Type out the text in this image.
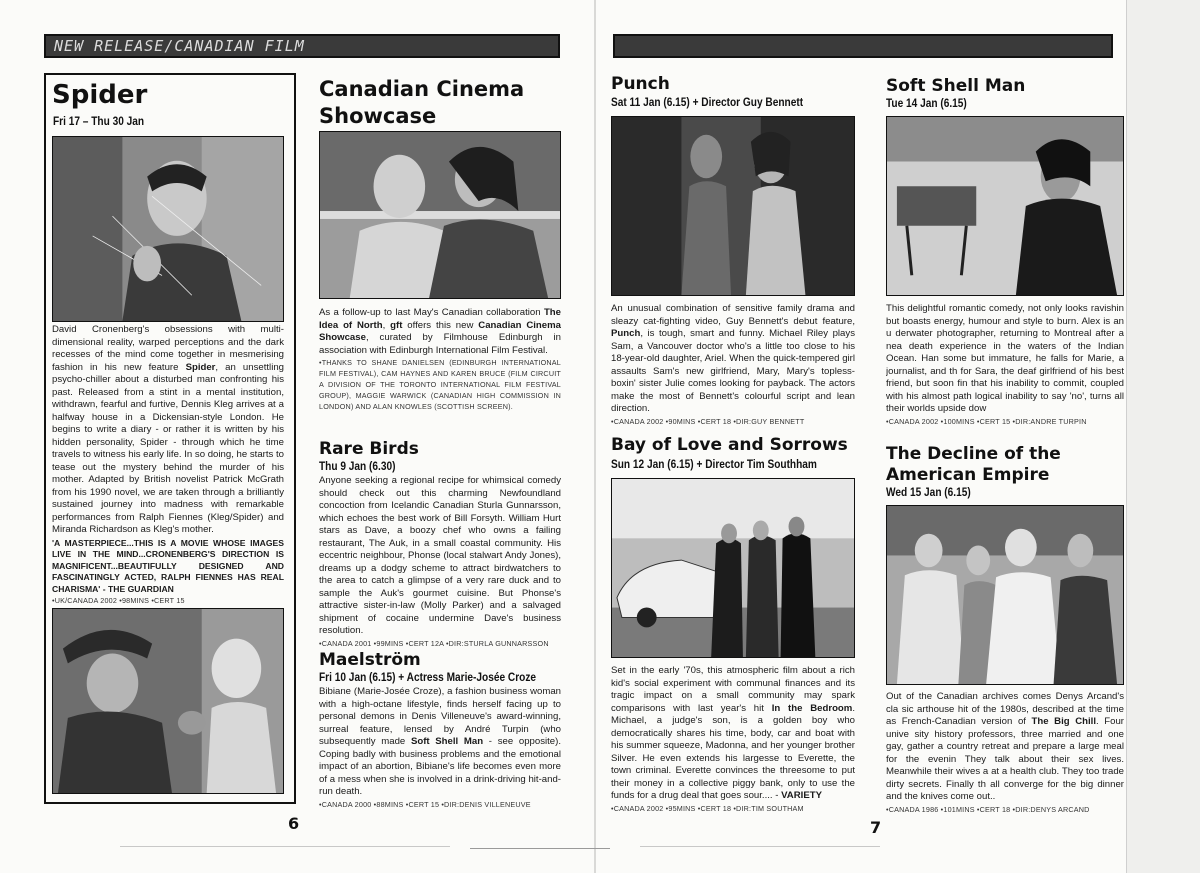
NEW RELEASE/CANADIAN FILM
Spider
Fri 17 – Thu 30 Jan
David Cronenberg's obsessions with multi-dimensional reality, warped perceptions and the dark recesses of the mind come together in mesmerising fashion in his new feature Spider, an unsettling psycho-chiller about a disturbed man confronting his past. Released from a stint in a mental institution, withdrawn, fearful and furtive, Dennis Kleg arrives at a halfway house in a Dickensian-style London. He begins to write a diary - or rather it is written by his hidden personality, Spider - through which he time travels to witness his early life. In so doing, he starts to tease out the mystery behind the murder of his mother. Adapted by British novelist Patrick McGrath from his 1990 novel, we are taken through a brilliantly sustained journey into madness with remarkable performances from Ralph Fiennes (Kleg/Spider) and Miranda Richardson as Kleg's mother.
'A MASTERPIECE...THIS IS A MOVIE WHOSE IMAGES LIVE IN THE MIND...CRONENBERG'S DIRECTION IS MAGNIFICENT...BEAUTIFULLY DESIGNED AND FASCINATINGLY ACTED, RALPH FIENNES HAS REAL CHARISMA' - THE GUARDIAN
•UK/CANADA 2002 •98MINS •CERT 15
6
Canadian Cinema
Showcase
As a follow-up to last May's Canadian collaboration The Idea of North, gft offers this new Canadian Cinema Showcase, curated by Filmhouse Edinburgh in association with Edinburgh International Film Festival.
•THANKS TO SHANE DANIELSEN (EDINBURGH INTERNATIONAL FILM FESTIVAL), CAM HAYNES AND KAREN BRUCE (FILM CIRCUIT A DIVISION OF THE TORONTO INTERNATIONAL FILM FESTIVAL GROUP), MAGGIE WARWICK (CANADIAN HIGH COMMISSION IN LONDON) AND ALAN KNOWLES (SCOTTISH SCREEN).
Rare Birds
Thu 9 Jan (6.30)
Anyone seeking a regional recipe for whimsical comedy should check out this charming Newfoundland concoction from Icelandic Canadian Sturla Gunnarsson, which echoes the best work of Bill Forsyth. William Hurt stars as Dave, a boozy chef who owns a failing restaurant, The Auk, in a small coastal community. His eccentric neighbour, Phonse (local stalwart Andy Jones), dreams up a dodgy scheme to attract birdwatchers to the area to catch a glimpse of a very rare duck and to sample the Auk's gourmet cuisine. But Phonse's attractive sister-in-law (Molly Parker) and a salvaged shipment of cocaine undermine Dave's business resolution.
•CANADA 2001 •99MINS •CERT 12A •DIR:STURLA GUNNARSSON
Maelström
Fri 10 Jan (6.15) + Actress Marie-Josée Croze
Bibiane (Marie-Josée Croze), a fashion business woman with a high-octane lifestyle, finds herself facing up to personal demons in Denis Villeneuve's award-winning, surreal feature, lensed by André Turpin (who subsequently made Soft Shell Man - see opposite). Coping badly with business problems and the emotional impact of an abortion, Bibiane's life becomes even more of a mess when she is involved in a drink-driving hit-and-run death.
•CANADA 2000 •88MINS •CERT 15 •DIR:DENIS VILLENEUVE
Punch
Sat 11 Jan (6.15) + Director Guy Bennett
An unusual combination of sensitive family drama and sleazy cat-fighting video, Guy Bennett's debut feature, Punch, is tough, smart and funny. Michael Riley plays Sam, a Vancouver doctor who's a little too close to his 18-year-old daughter, Ariel. When the quick-tempered girl assaults Sam's new girlfriend, Mary, Mary's topless-boxin' sister Julie comes looking for payback. The actors make the most of Bennett's colourful script and lean direction.
•CANADA 2002 •90MINS •CERT 18 •DIR:GUY BENNETT
Bay of Love and Sorrows
Sun 12 Jan (6.15) + Director Tim Southham
Set in the early '70s, this atmospheric film about a rich kid's social experiment with communal finances and its tragic impact on a small community may spark comparisons with last year's hit In the Bedroom. Michael, a judge's son, is a golden boy who democratically shares his time, body, car and boat with his summer squeeze, Madonna, and her younger brother Silver. He even extends his largesse to Everette, the town criminal. Everette convinces the threesome to put their money in a collective piggy bank, only to use the funds for a drug deal that goes sour.... - VARIETY
•CANADA 2002 •95MINS •CERT 18 •DIR:TIM SOUTHAM
Soft Shell Man
Tue 14 Jan (6.15)
This delightful romantic comedy, not only looks ravishin but boasts energy, humour and style to burn. Alex is an u derwater photographer, returning to Montreal after a nea death experience in the waters of the Indian Ocean. Han some but immature, he falls for Marie, a journalist, and th for Sara, the deaf girlfriend of his best friend, but soon fin that his inability to commit, coupled with his almost path logical inability to say 'no', turns all their worlds upside dow
•CANADA 2002 •100MINS •CERT 15 •DIR:ANDRE TURPIN
The Decline of the
American Empire
Wed 15 Jan (6.15)
Out of the Canadian archives comes Denys Arcand's cla sic arthouse hit of the 1980s, described at the time as French-Canadian version of The Big Chill. Four unive sity history professors, three married and one gay, gather a country retreat and prepare a large meal for the evenin They talk about their sex lives. Meanwhile their wives a at a health club. They too trade dirty secrets. Finally th all converge for the big dinner and the knives come out..
•CANADA 1986 •101MINS •CERT 18 •DIR:DENYS ARCAND
7
